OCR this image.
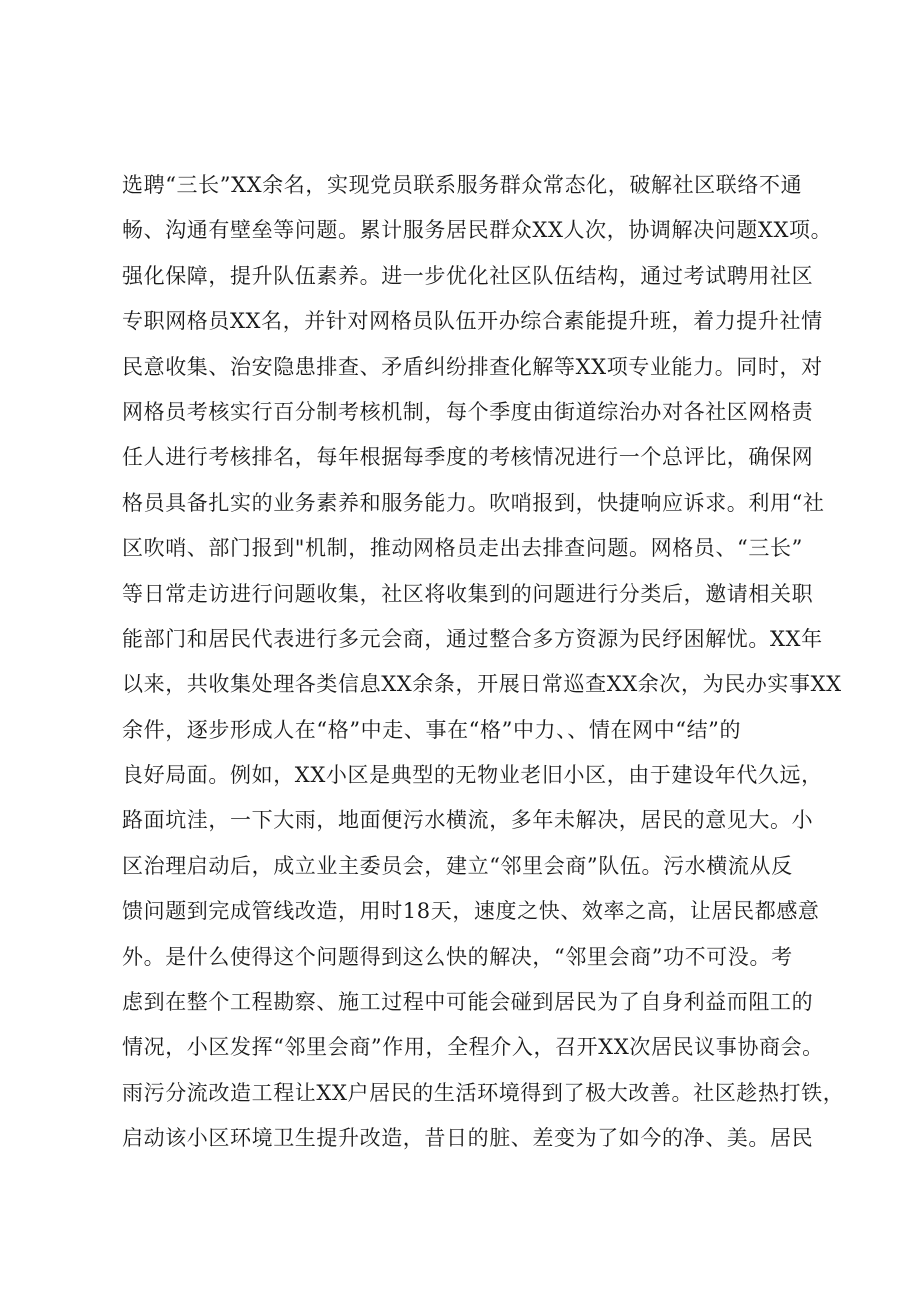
选聘“三长”XX余名，实现党员联系服务群众常态化，破解社区联络不通
畅、沟通有壁垒等问题。累计服务居民群众XX人次，协调解决问题XX项。
强化保障，提升队伍素养。进一步优化社区队伍结构，通过考试聘用社区
专职网格员XX名，并针对网格员队伍开办综合素能提升班，着力提升社情
民意收集、治安隐患排查、矛盾纠纷排查化解等XX项专业能力。同时，对
网格员考核实行百分制考核机制，每个季度由街道综治办对各社区网格责
任人进行考核排名，每年根据每季度的考核情况进行一个总评比，确保网
格员具备扎实的业务素养和服务能力。吹哨报到，快捷响应诉求。利用“社
区吹哨、部门报到"机制，推动网格员走出去排查问题。网格员、“三长”
等日常走访进行问题收集，社区将收集到的问题进行分类后，邀请相关职
能部门和居民代表进行多元会商，通过整合多方资源为民纾困解忧。XX年
以来，共收集处理各类信息XX余条，开展日常巡查XX余次，为民办实事XX
余件，逐步形成人在“格”中走、事在“格”中力、、情在网中“结”的
良好局面。例如，XX小区是典型的无物业老旧小区，由于建设年代久远，
路面坑洼，一下大雨，地面便污水横流，多年未解决，居民的意见大。小
区治理启动后，成立业主委员会，建立“邻里会商”队伍。污水横流从反
馈问题到完成管线改造，用时18天，速度之快、效率之高，让居民都感意
外。是什么使得这个问题得到这么快的解决，“邻里会商”功不可没。考
虑到在整个工程勘察、施工过程中可能会碰到居民为了自身利益而阻工的
情况，小区发挥“邻里会商”作用，全程介入，召开XX次居民议事协商会。
雨污分流改造工程让XX户居民的生活环境得到了极大改善。社区趁热打铁，
启动该小区环境卫生提升改造，昔日的脏、差变为了如今的净、美。居民
